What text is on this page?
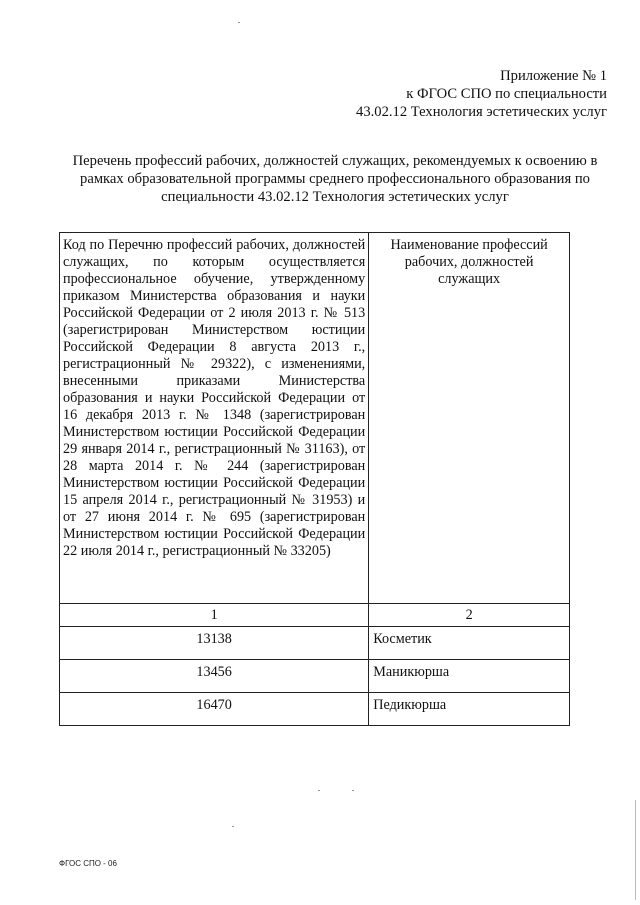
Приложение № 1
к ФГОС СПО по специальности
43.02.12 Технология эстетических услуг
Перечень профессий рабочих, должностей служащих, рекомендуемых к освоению в
рамках образовательной программы среднего профессионального образования по
специальности 43.02.12 Технология эстетических услуг
Код по Перечню профессий рабочих, должностей служащих, по которым осуществляется профессиональное обучение, утвержденному приказом Министерства образования и науки Российской Федерации от 2 июля 2013 г. № 513 (зарегистрирован Министерством юстиции Российской Федерации 8 августа 2013 г., регистрационный № 29322), с изменениями, внесенными приказами Министерства образования и науки Российской Федерации от 16 декабря 2013 г. № 1348 (зарегистрирован Министерством юстиции Российской Федерации 29 января 2014 г., регистрационный № 31163), от 28 марта 2014 г. № 244 (зарегистрирован Министерством юстиции Российской Федерации 15 апреля 2014 г., регистрационный № 31953) и от 27 июня 2014 г. № 695 (зарегистрирован Министерством юстиции Российской Федерации 22 июля 2014 г., регистрационный № 33205)	Наименование профессий рабочих, должностей служащих
1	2
13138	Косметик
13456	Маникюрша
16470	Педикюрша
ФГОС СПО - 06
